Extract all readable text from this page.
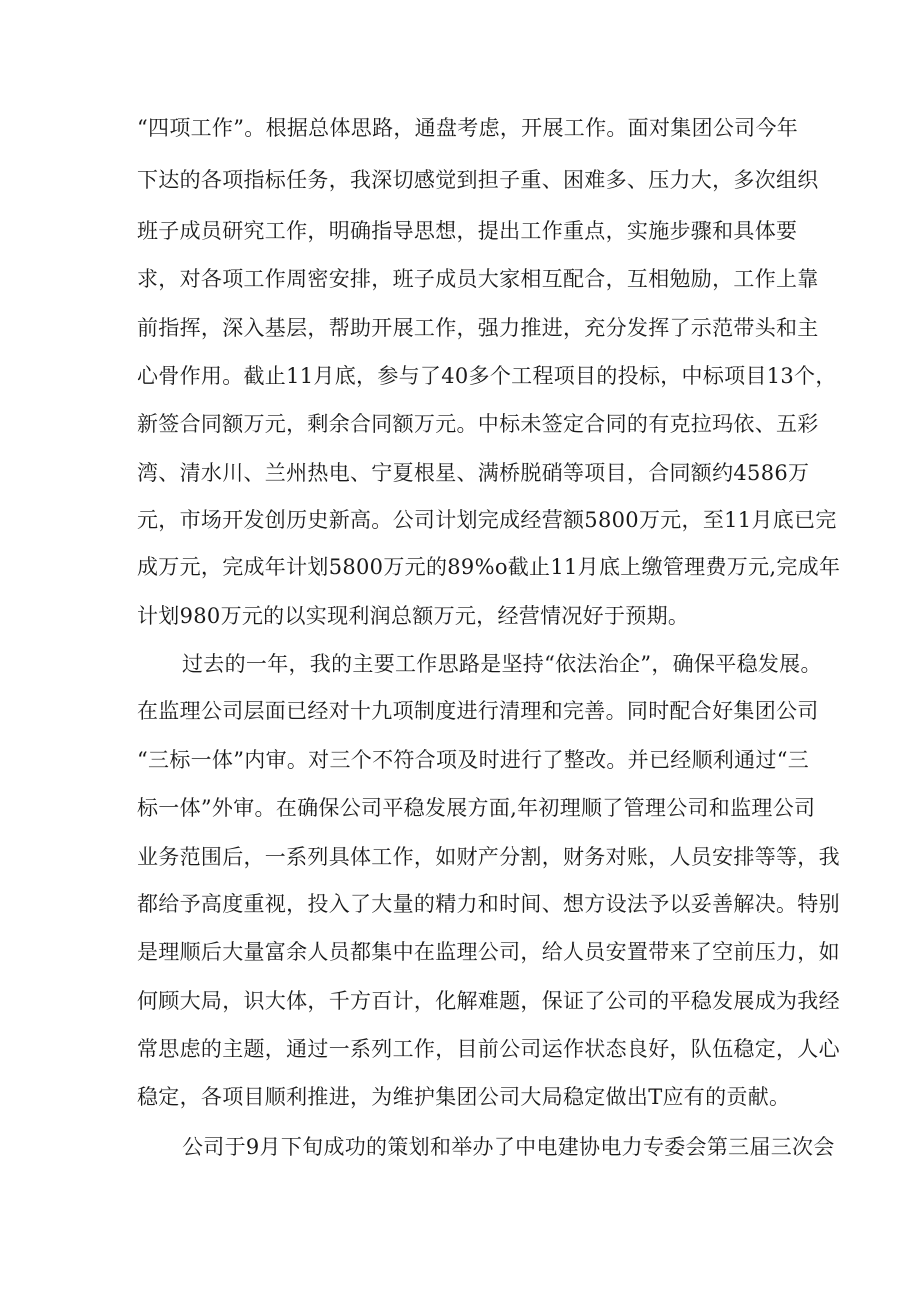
“四项工作”。根据总体思路，通盘考虑，开展工作。面对集团公司今年
下达的各项指标任务，我深切感觉到担子重、困难多、压力大，多次组织
班子成员研究工作，明确指导思想，提出工作重点，实施步骤和具体要
求，对各项工作周密安排，班子成员大家相互配合，互相勉励，工作上靠
前指挥，深入基层，帮助开展工作，强力推进，充分发挥了示范带头和主
心骨作用。截止11月底，参与了40多个工程项目的投标，中标项目13个，
新签合同额万元，剩余合同额万元。中标未签定合同的有克拉玛依、五彩
湾、清水川、兰州热电、宁夏根星、满桥脱硝等项目，合同额约4586万
元，市场开发创历史新高。公司计划完成经营额5800万元，至11月底已完
成万元，完成年计划5800万元的89%o截止11月底上缴管理费万元,完成年
计划980万元的以实现利润总额万元，经营情况好于预期。
过去的一年，我的主要工作思路是坚持“依法治企”，确保平稳发展。
在监理公司层面已经对十九项制度进行清理和完善。同时配合好集团公司
“三标一体”内审。对三个不符合项及时进行了整改。并已经顺利通过“三
标一体”外审。在确保公司平稳发展方面,年初理顺了管理公司和监理公司
业务范围后，一系列具体工作，如财产分割，财务对账，人员安排等等，我
都给予高度重视，投入了大量的精力和时间、想方设法予以妥善解决。特别
是理顺后大量富余人员都集中在监理公司，给人员安置带来了空前压力，如
何顾大局，识大体，千方百计，化解难题，保证了公司的平稳发展成为我经
常思虑的主题，通过一系列工作，目前公司运作状态良好，队伍稳定，人心
稳定，各项目顺利推进，为维护集团公司大局稳定做出T应有的贡献。
公司于9月下旬成功的策划和举办了中电建协电力专委会第三届三次会
